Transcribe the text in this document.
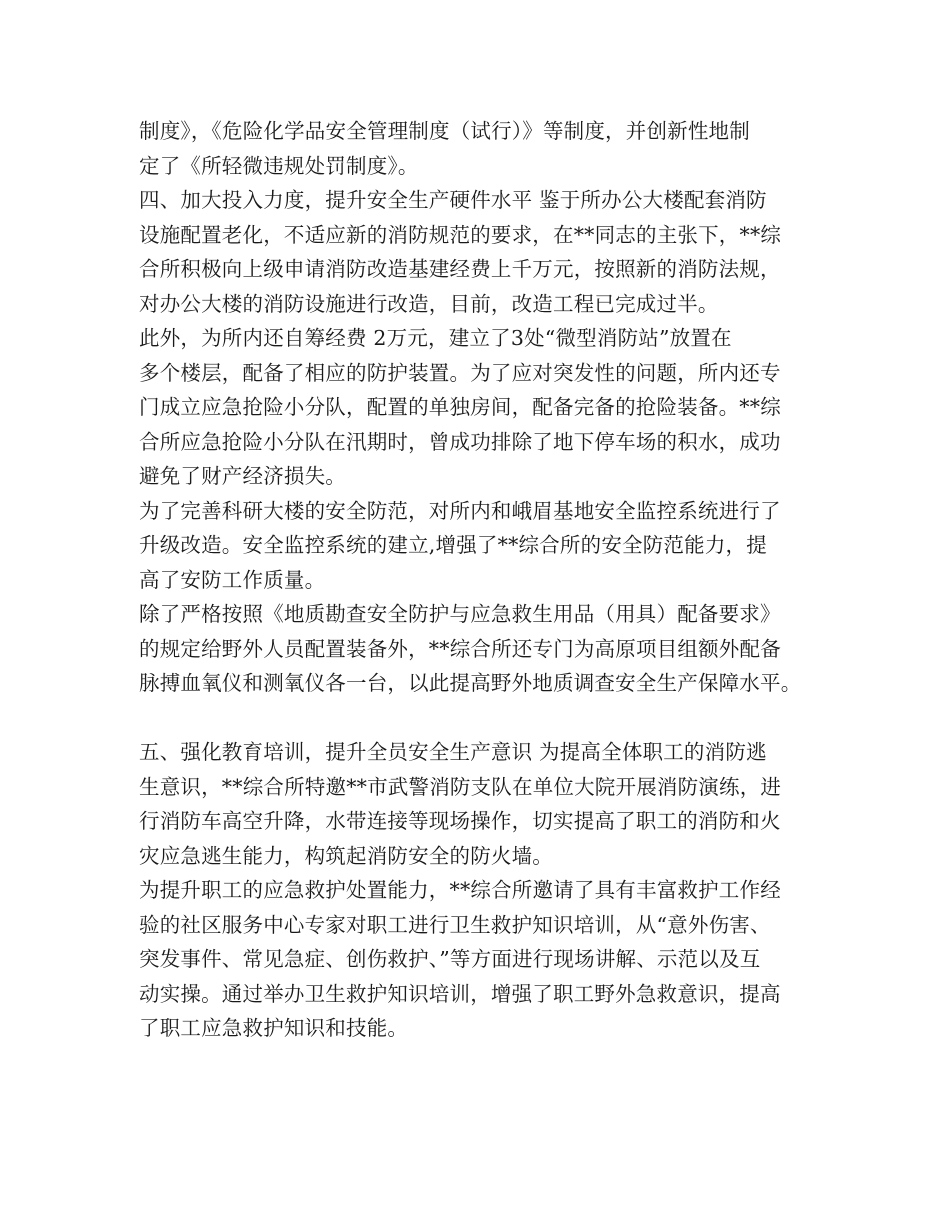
制度》，《危险化学品安全管理制度（试行）》等制度，并创新性地制
定了《所轻微违规处罚制度》。
四、加大投入力度，提升安全生产硬件水平 鉴于所办公大楼配套消防
设施配置老化，不适应新的消防规范的要求，在**同志的主张下，**综
合所积极向上级申请消防改造基建经费上千万元，按照新的消防法规，
对办公大楼的消防设施进行改造，目前，改造工程已完成过半。
此外，为所内还自筹经费 2万元，建立了3处“微型消防站”放置在
多个楼层，配备了相应的防护装置。为了应对突发性的问题，所内还专
门成立应急抢险小分队，配置的单独房间，配备完备的抢险装备。**综
合所应急抢险小分队在汛期时，曾成功排除了地下停车场的积水，成功
避免了财产经济损失。
为了完善科研大楼的安全防范，对所内和峨眉基地安全监控系统进行了
升级改造。安全监控系统的建立,增强了**综合所的安全防范能力，提
高了安防工作质量。
除了严格按照《地质勘查安全防护与应急救生用品（用具）配备要求》
的规定给野外人员配置装备外，**综合所还专门为高原项目组额外配备
脉搏血氧仪和测氧仪各一台，以此提高野外地质调查安全生产保障水平。
五、强化教育培训，提升全员安全生产意识 为提高全体职工的消防逃
生意识，**综合所特邀**市武警消防支队在单位大院开展消防演练，进
行消防车高空升降，水带连接等现场操作，切实提高了职工的消防和火
灾应急逃生能力，构筑起消防安全的防火墙。
为提升职工的应急救护处置能力，**综合所邀请了具有丰富救护工作经
验的社区服务中心专家对职工进行卫生救护知识培训，从“意外伤害、
突发事件、常见急症、创伤救护、”等方面进行现场讲解、示范以及互
动实操。通过举办卫生救护知识培训，增强了职工野外急救意识，提高
了职工应急救护知识和技能。
